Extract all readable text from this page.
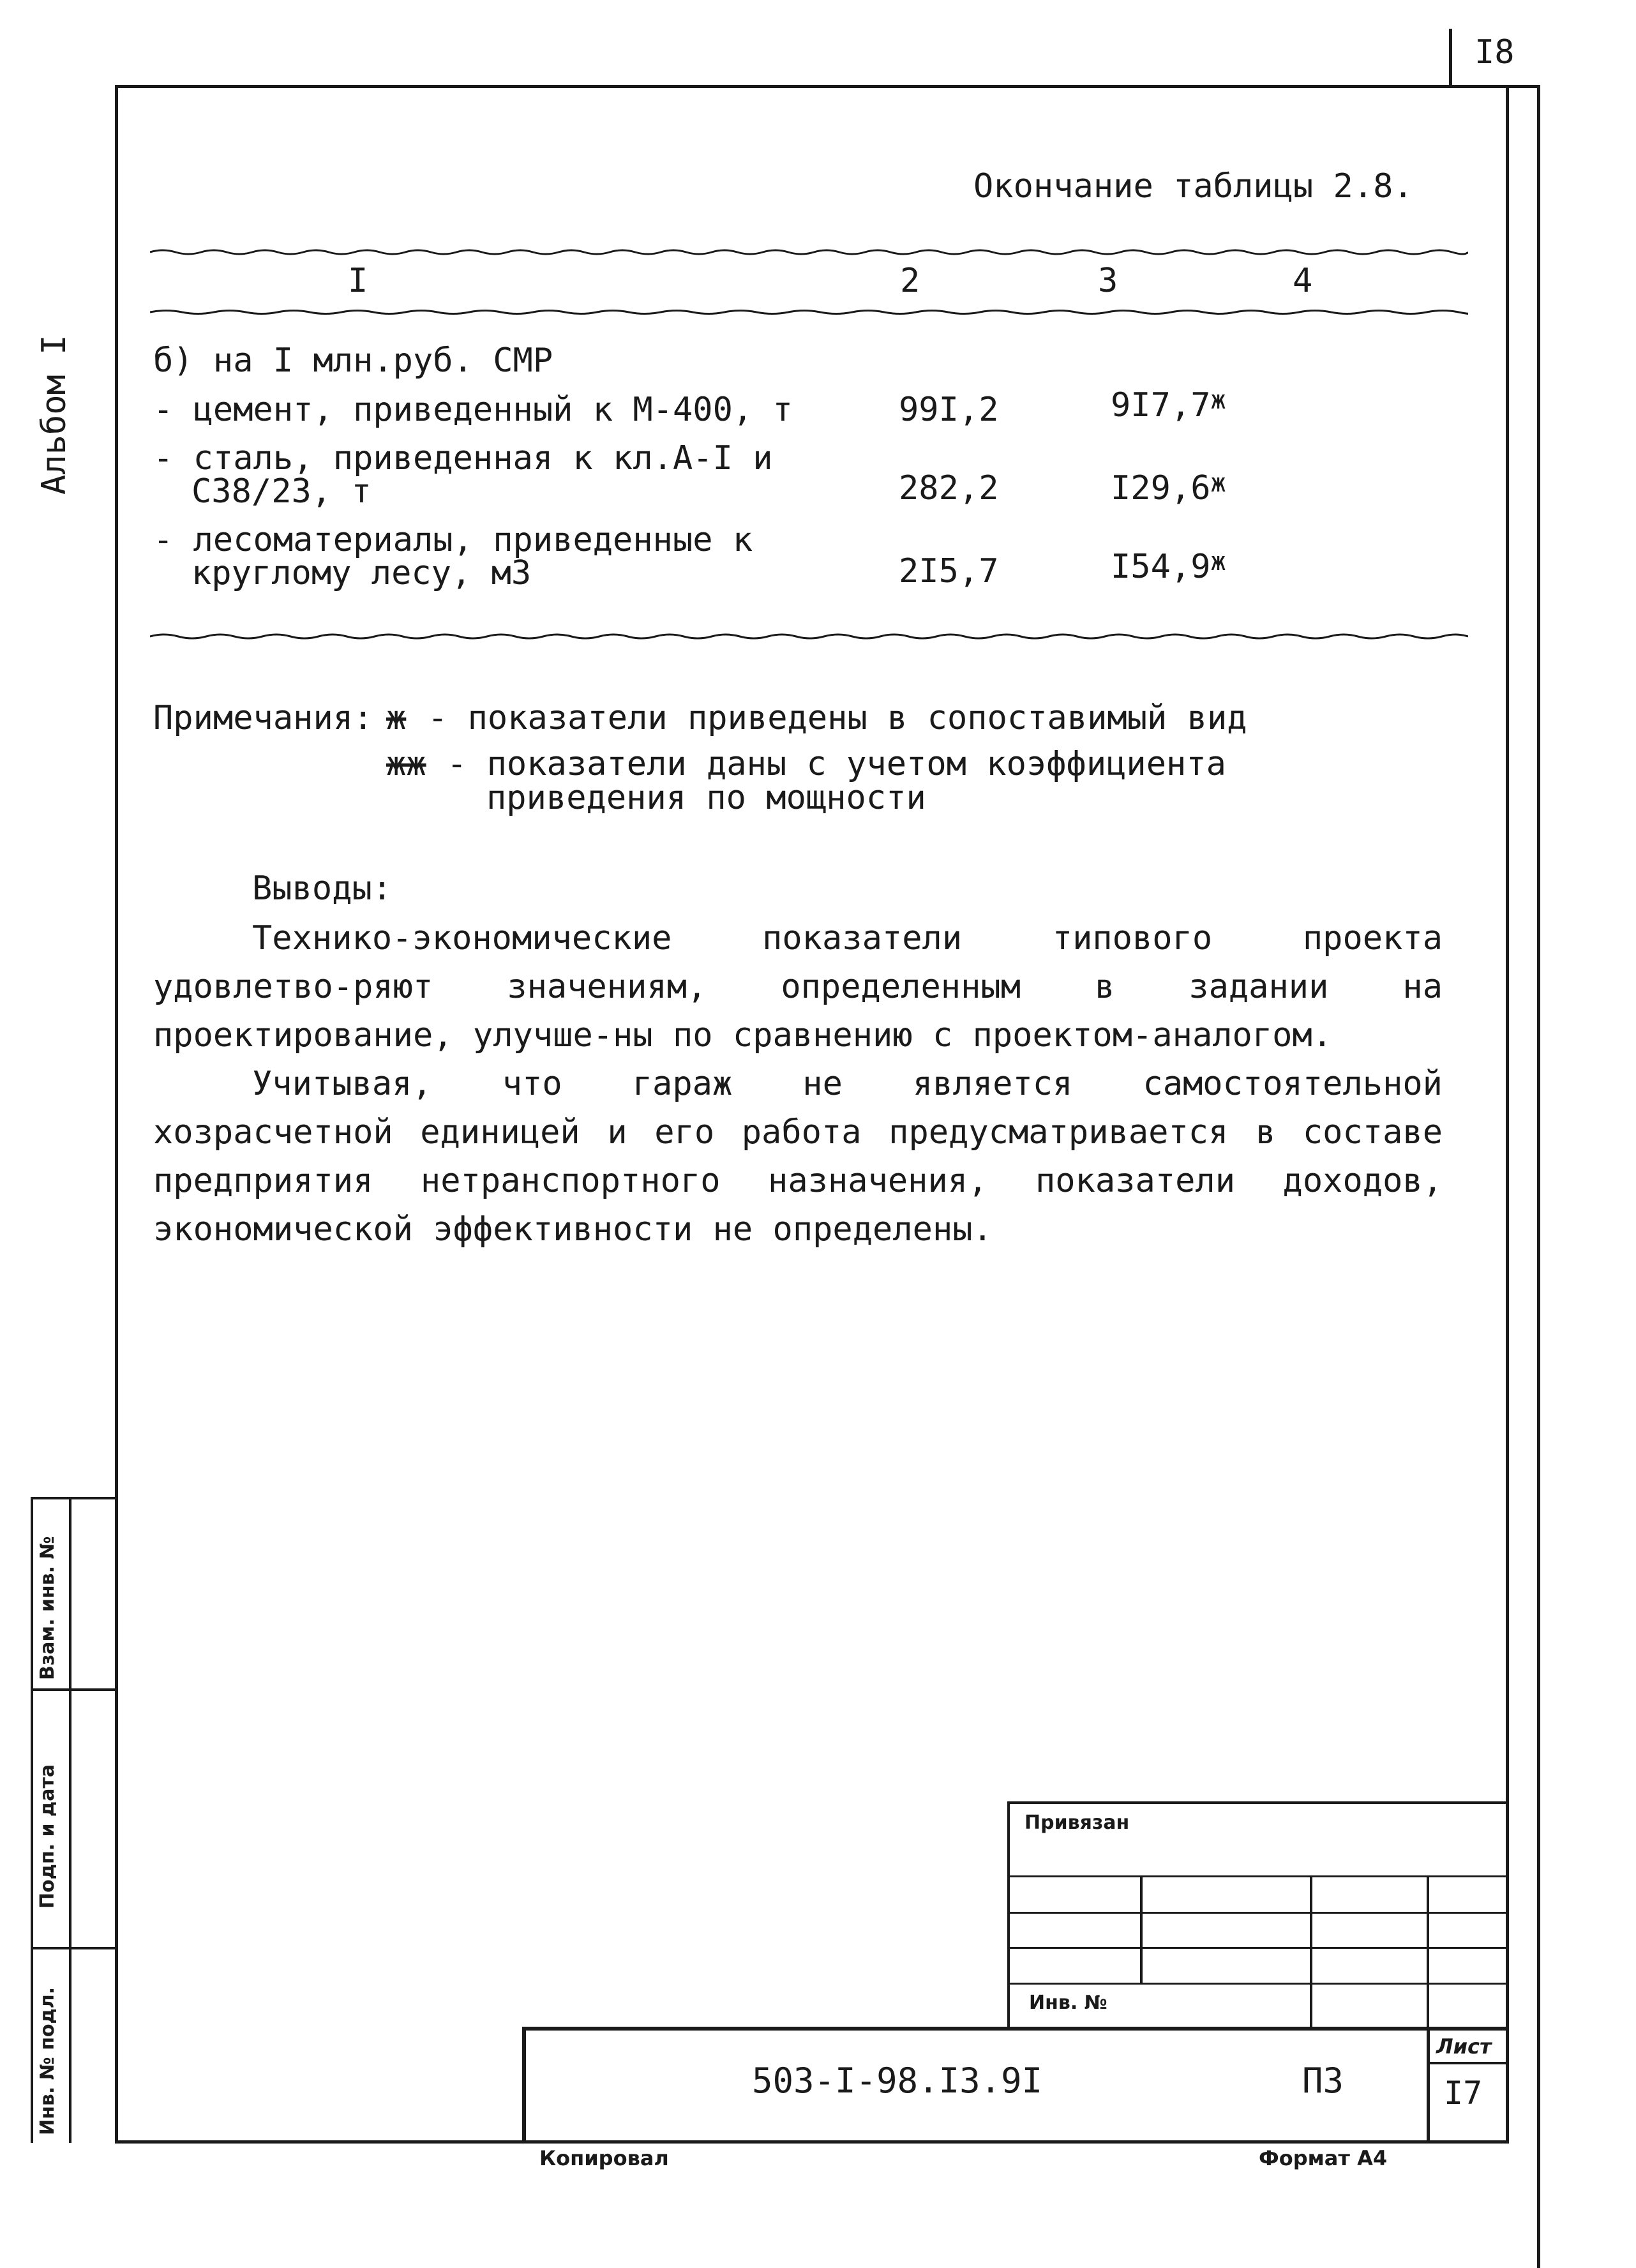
I8
Альбом I
Окончание таблицы 2.8.
I	2	3	4
б) на I млн.руб. СМР
- цемент, приведенный к М-400, т	99I,2	$9I7,7^ж$
- сталь, приведенная к кл.А-I и
С38/23, т	282,2	$I29,6^ж$
- лесоматериалы, приведенные к
круглому лесу, м3	2I5,7	$I54,9^ж$
Примечания: ж - показатели приведены в сопоставимый вид
жж - показатели даны с учетом коэффициента
приведения по мощности
Выводы:

Технико-экономические показатели типового проекта удовлетво-ряют значениям, определенным в задании на проектирование, улучше-ны по сравнению с проектом-аналогом.

Учитывая, что гараж не является самостоятельной хозрасчетной единицей и его работа предусматривается в составе предприятия нетранспортного назначения, показатели доходов, экономической эффективности не определены.

Взам. инв. №
Подп. и дата
Инв. № подл.
Привязан
Инв. №
503-I-98.I3.9I	ПЗ
Лист
I7
Копировал	Формат А4
